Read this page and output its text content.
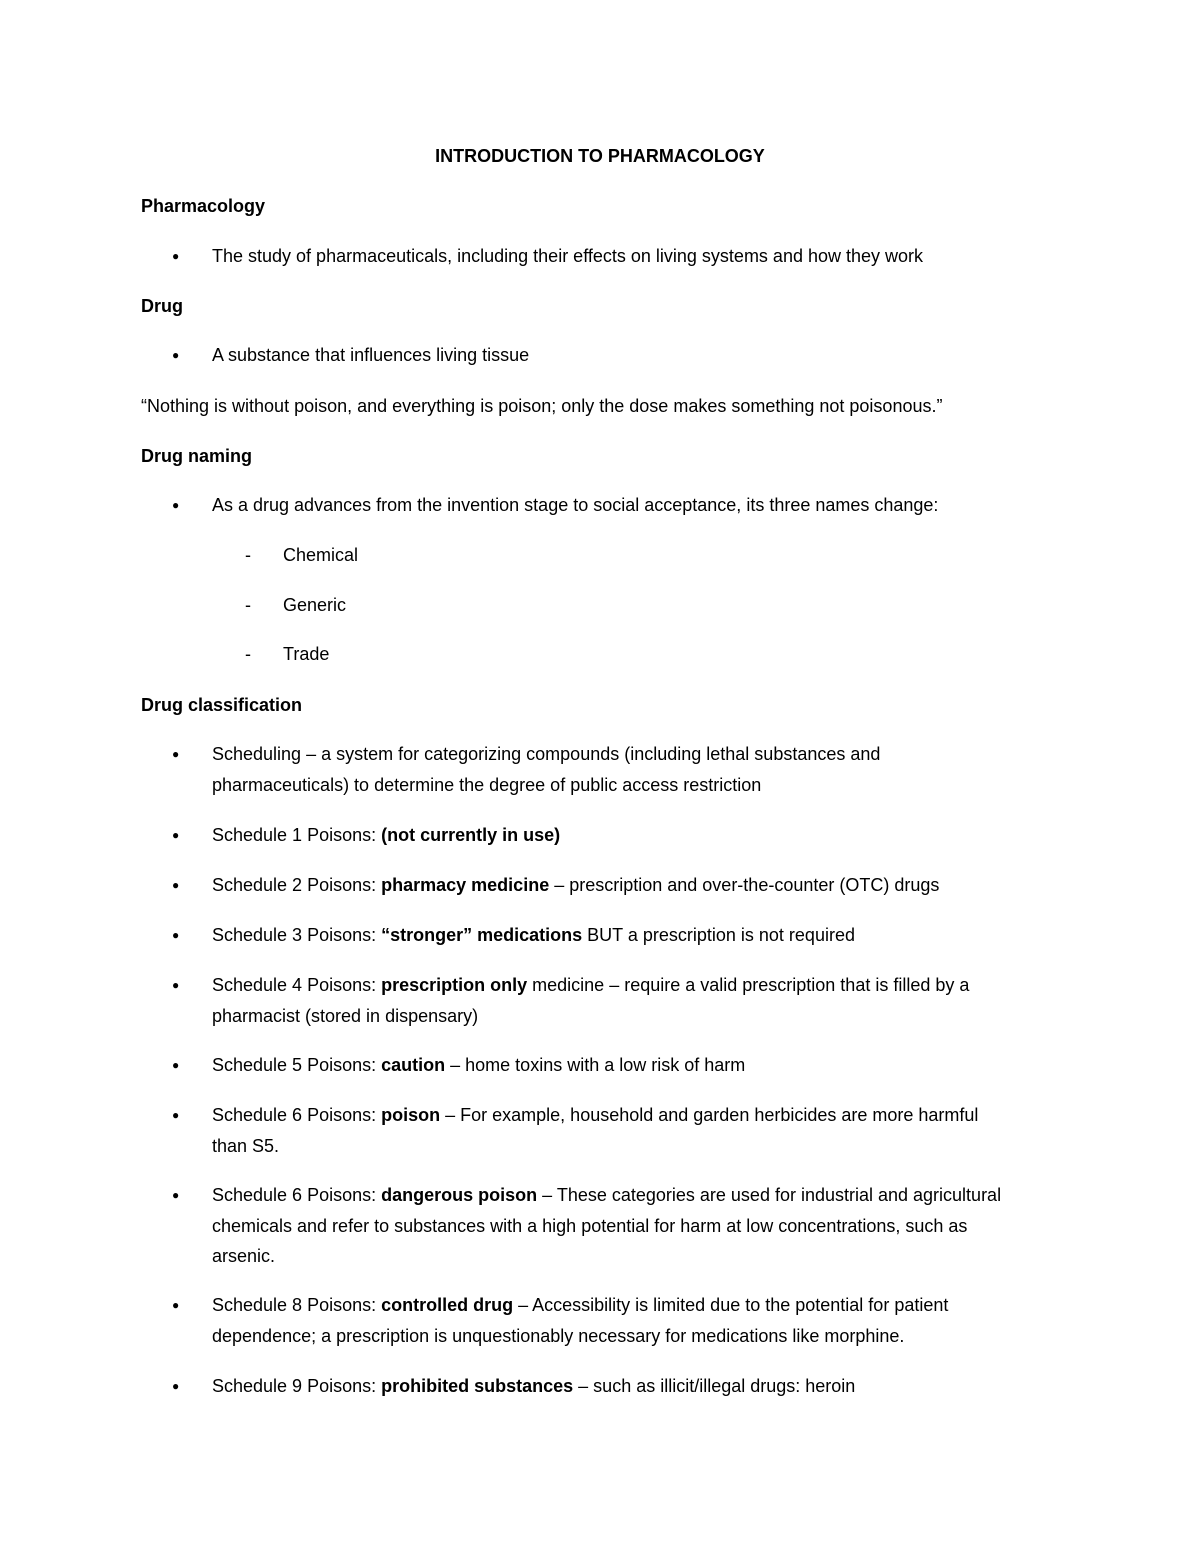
INTRODUCTION TO PHARMACOLOGY
Pharmacology
● The study of pharmaceuticals, including their effects on living systems and how they work
Drug
● A substance that influences living tissue
“Nothing is without poison, and everything is poison; only the dose makes something not poisonous.”
Drug naming
● As a drug advances from the invention stage to social acceptance, its three names change:
- Chemical
- Generic
- Trade
Drug classification
● Scheduling – a system for categorizing compounds (including lethal substances and
pharmaceuticals) to determine the degree of public access restriction
● Schedule 1 Poisons: (not currently in use)
● Schedule 2 Poisons: pharmacy medicine – prescription and over-the-counter (OTC) drugs
● Schedule 3 Poisons: “stronger” medications BUT a prescription is not required
● Schedule 4 Poisons: prescription only medicine – require a valid prescription that is filled by a
pharmacist (stored in dispensary)
● Schedule 5 Poisons: caution – home toxins with a low risk of harm
● Schedule 6 Poisons: poison – For example, household and garden herbicides are more harmful
than S5.
● Schedule 6 Poisons: dangerous poison – These categories are used for industrial and agricultural
chemicals and refer to substances with a high potential for harm at low concentrations, such as
arsenic.
● Schedule 8 Poisons: controlled drug – Accessibility is limited due to the potential for patient
dependence; a prescription is unquestionably necessary for medications like morphine.
● Schedule 9 Poisons: prohibited substances – such as illicit/illegal drugs: heroin
